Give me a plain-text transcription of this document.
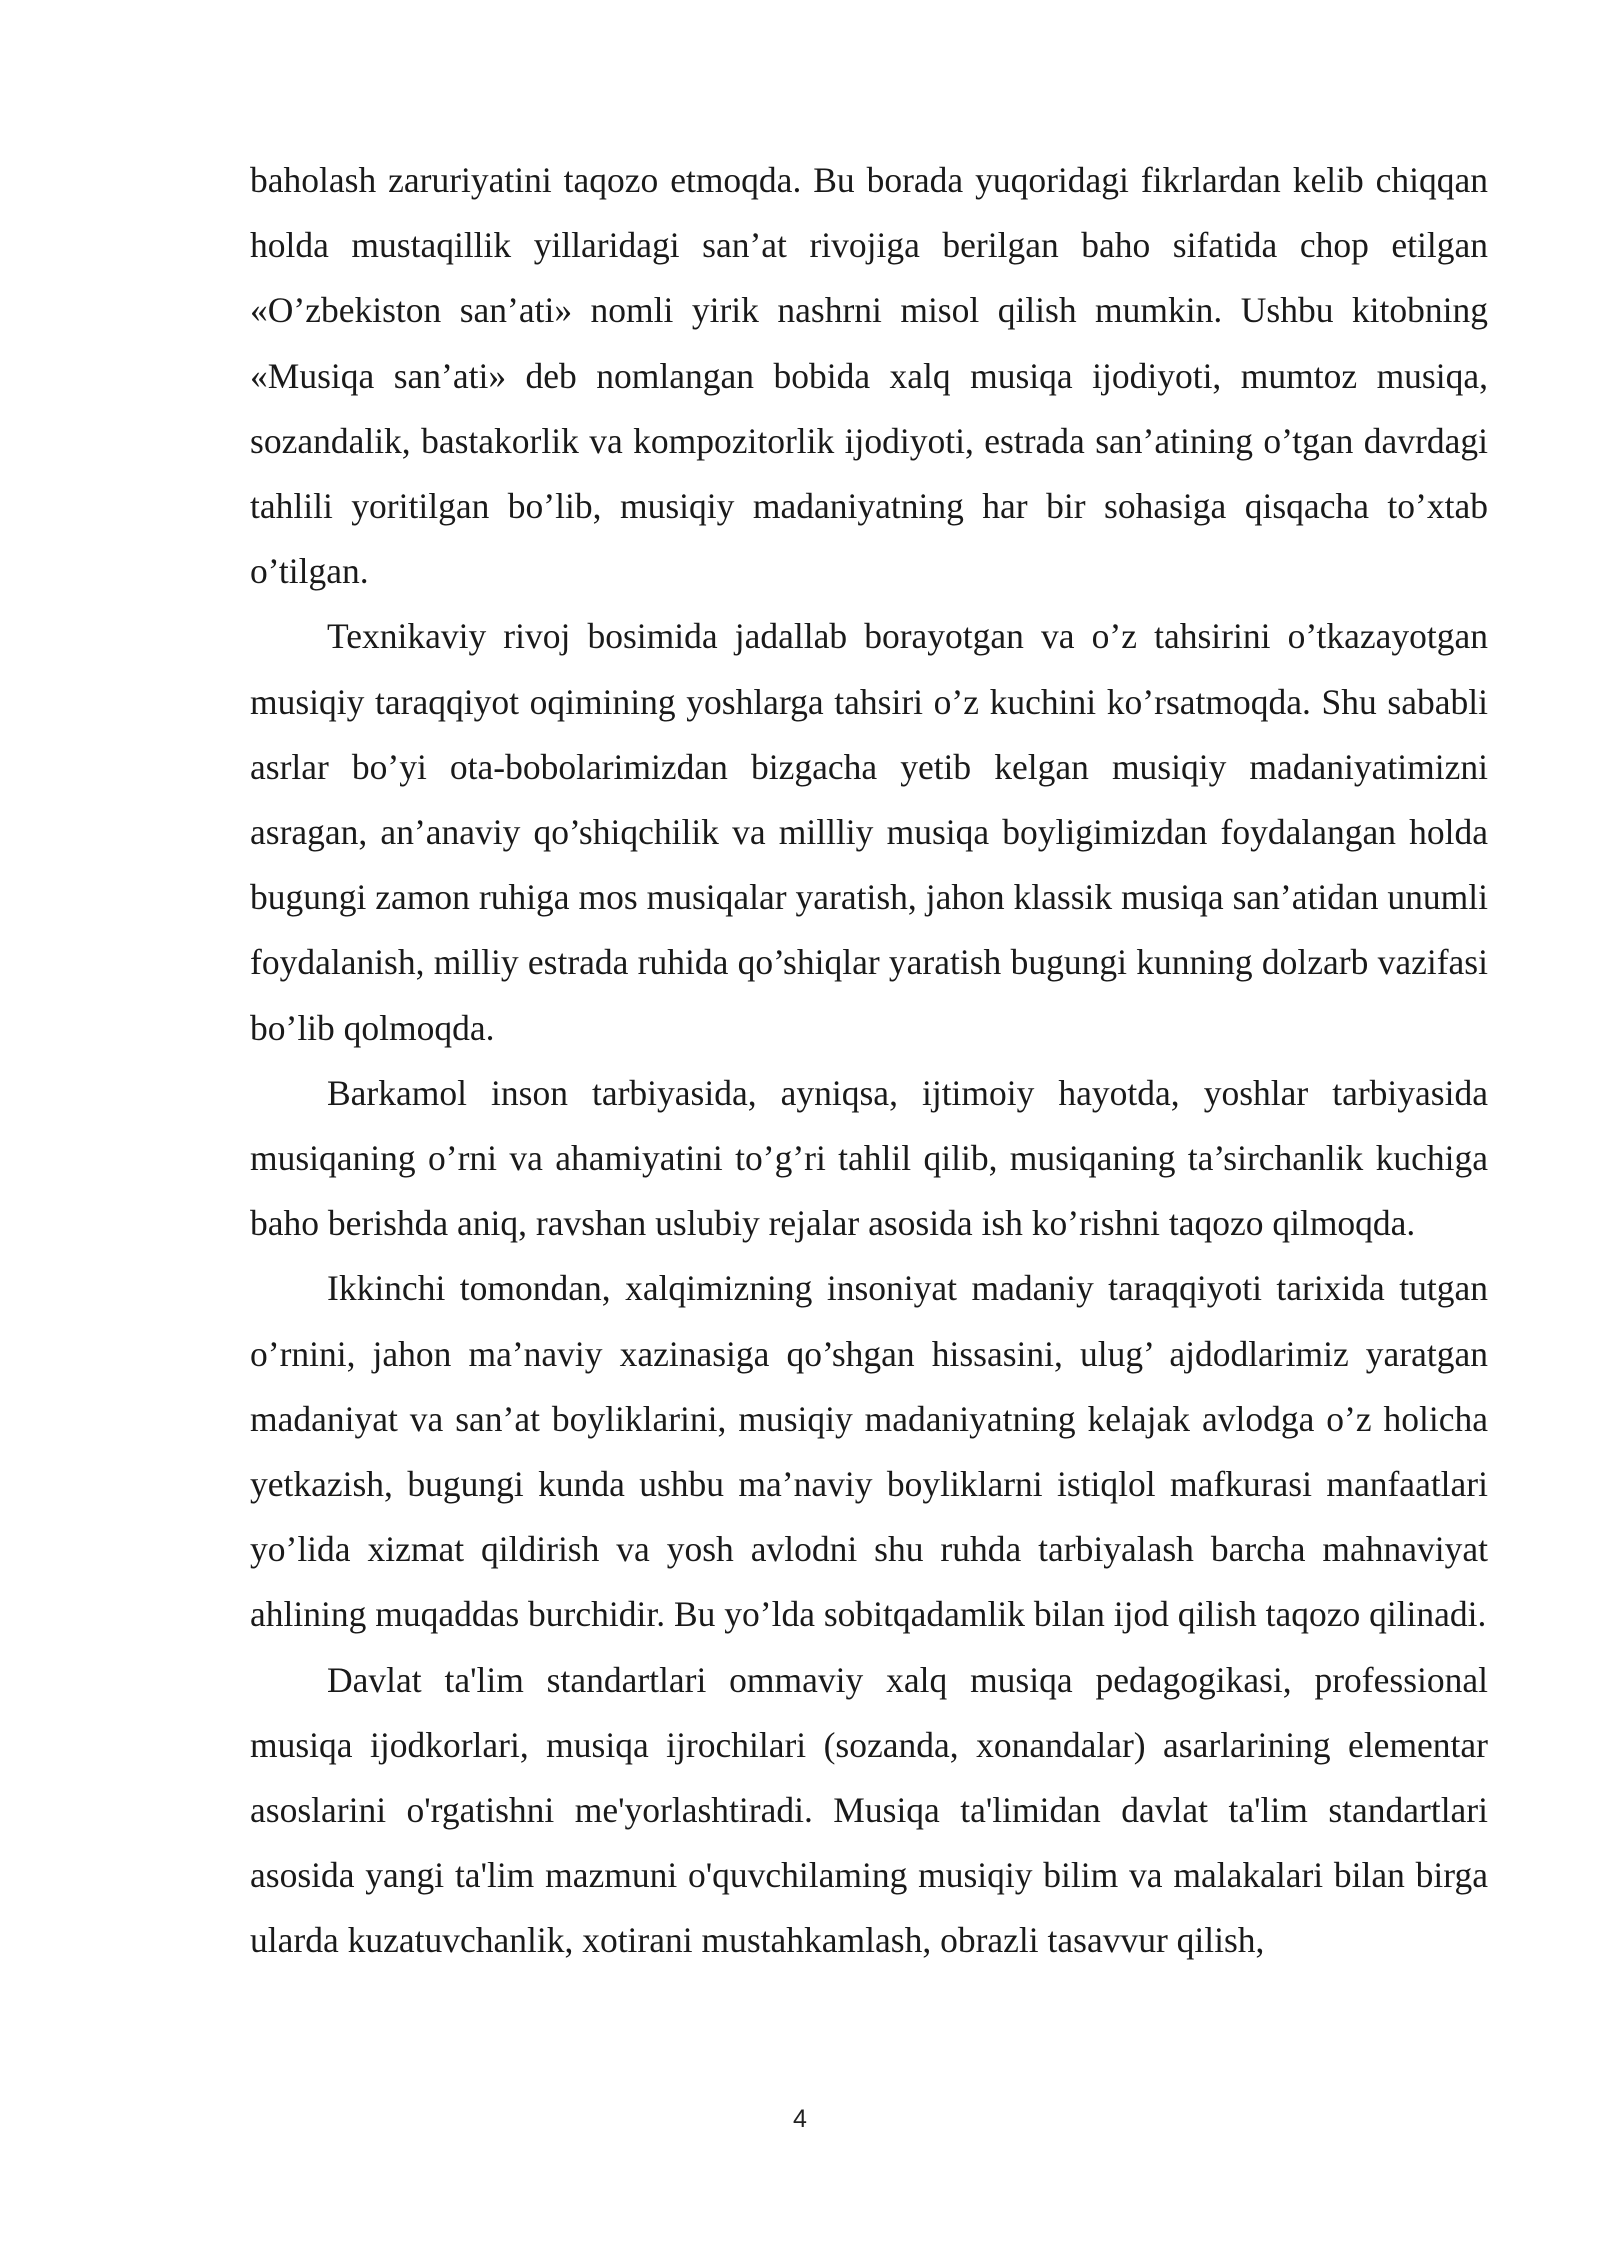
baholash zaruriyatini taqozo etmoqda. Bu borada yuqoridagi fikrlardan kelib chiqqan holda mustaqillik yillaridagi san’at rivojiga berilgan baho sifatida chop etilgan «O’zbekiston san’ati» nomli yirik nashrni misol qilish mumkin. Ushbu kitobning «Musiqa san’ati» deb nomlangan bobida xalq musiqa ijodiyoti, mumtoz musiqa, sozandalik, bastakorlik va kompozitorlik ijodiyoti, estrada san’atining o’tgan davrdagi tahlili yoritilgan bo’lib, musiqiy madaniyatning har bir sohasiga qisqacha to’xtab o’tilgan.

Texnikaviy rivoj bosimida jadallab borayotgan va o’z tahsirini o’tkazayotgan musiqiy taraqqiyot oqimining yoshlarga tahsiri o’z kuchini ko’rsatmoqda. Shu sababli asrlar bo’yi ota-bobolarimizdan bizgacha yetib kelgan musiqiy madaniyatimizni asragan, an’anaviy qo’shiqchilik va millliy musiqa boyligimizdan foydalangan holda bugungi zamon ruhiga mos musiqalar yaratish, jahon klassik musiqa san’atidan unumli foydalanish, milliy estrada ruhida qo’shiqlar yaratish bugungi kunning dolzarb vazifasi bo’lib qolmoqda.

Barkamol inson tarbiyasida, ayniqsa, ijtimoiy hayotda, yoshlar tarbiyasida musiqaning o’rni va ahamiyatini to’g’ri tahlil qilib, musiqaning ta’sirchanlik kuchiga baho berishda aniq, ravshan uslubiy rejalar asosida ish ko’rishni taqozo qilmoqda.

Ikkinchi tomondan, xalqimizning insoniyat madaniy taraqqiyoti tarixida tutgan o’rnini, jahon ma’naviy xazinasiga qo’shgan hissasini, ulug’ ajdodlarimiz yaratgan madaniyat va san’at boyliklarini, musiqiy madaniyatning kelajak avlodga o’z holicha yetkazish, bugungi kunda ushbu ma’naviy boyliklarni istiqlol mafkurasi manfaatlari yo’lida xizmat qildirish va yosh avlodni shu ruhda tarbiyalash barcha mahnaviyat ahlining muqaddas burchidir. Bu yo’lda sobitqadamlik bilan ijod qilish taqozo qilinadi.

Davlat ta'lim standartlari ommaviy xalq musiqa pedagogikasi, professional musiqa ijodkorlari, musiqa ijrochilari (sozanda, xonandalar) asarlarining elementar asoslarini o'rgatishni me'yorlashtiradi. Musiqa ta'limidan davlat ta'lim standartlari asosida yangi ta'lim mazmuni o'quvchilaming musiqiy bilim va malakalari bilan birga ularda kuzatuvchanlik, xotirani mustahkamlash, obrazli tasavvur qilish,

4
